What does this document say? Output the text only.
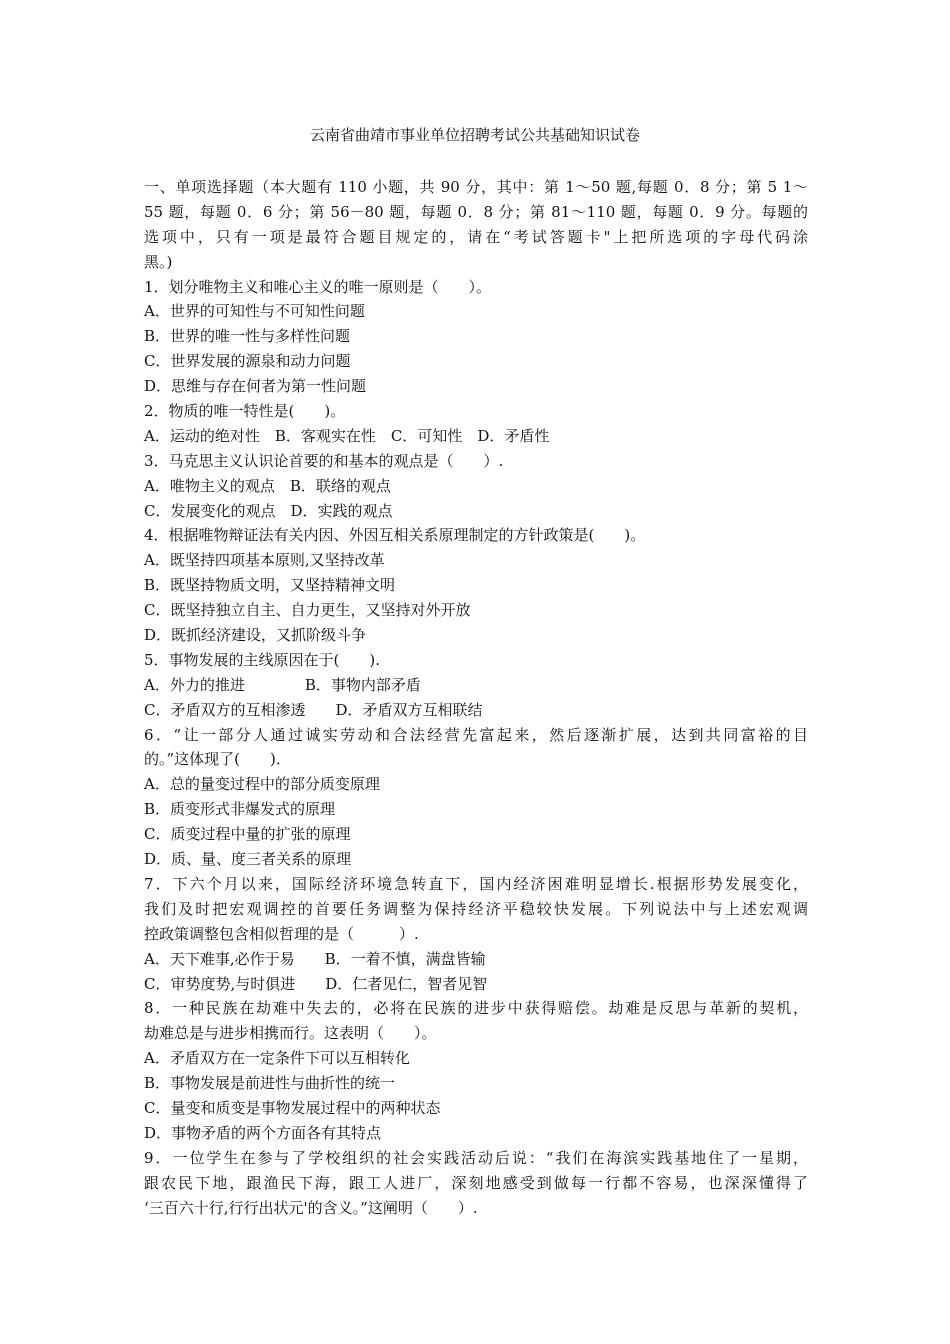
云南省曲靖市事业单位招聘考试公共基础知识试卷
一、单项选择题（本大题有 110 小题，共 90 分，其中：第 1～50 题,每题 0．8 分；第 5 1～
55 题，每题 0．6 分；第 56－80 题，每题 0．8 分；第 81～110 题，每题 0．9 分。每题的
选项中，只有一项是最符合题目规定的，请在“考试答题卡"上把所选项的字母代码涂
黑。)
1．划分唯物主义和唯心主义的唯一原则是（　　）。
A．世界的可知性与不可知性问题
B．世界的唯一性与多样性问题
C．世界发展的源泉和动力问题
D．思维与存在何者为第一性问题
2．物质的唯一特性是(　　)。
A．运动的绝对性　B．客观实在性　C．可知性　D．矛盾性
3．马克思主义认识论首要的和基本的观点是（　　）.
A．唯物主义的观点　B．联络的观点
C．发展变化的观点　D．实践的观点
4．根据唯物辩证法有关内因、外因互相关系原理制定的方针政策是(　　)。
A．既坚持四项基本原则,又坚持改革
B．既坚持物质文明，又坚持精神文明
C．既坚持独立自主、自力更生，又坚持对外开放
D．既抓经济建设，又抓阶级斗争
5．事物发展的主线原因在于(　　).
A．外力的推进　　　　B．事物内部矛盾
C．矛盾双方的互相渗透　　D．矛盾双方互相联结
6．“让一部分人通过诚实劳动和合法经营先富起来，然后逐渐扩展，达到共同富裕的目
的。”这体现了(　　)．
A．总的量变过程中的部分质变原理
B．质变形式非爆发式的原理
C．质变过程中量的扩张的原理
D．质、量、度三者关系的原理
7．下六个月以来，国际经济环境急转直下，国内经济困难明显增长.根据形势发展变化，
我们及时把宏观调控的首要任务调整为保持经济平稳较快发展。下列说法中与上述宏观调
控政策调整包含相似哲理的是（　　　）.
A．天下难事,必作于易　　B．一着不慎，满盘皆输
C．审势度势,与时俱进　　D．仁者见仁，智者见智
8．一种民族在劫难中失去的，必将在民族的进步中获得赔偿。劫难是反思与革新的契机，
劫难总是与进步相携而行。这表明（　　）。
A．矛盾双方在一定条件下可以互相转化
B．事物发展是前进性与曲折性的统一
C．量变和质变是事物发展过程中的两种状态
D．事物矛盾的两个方面各有其特点
9．一位学生在参与了学校组织的社会实践活动后说：“我们在海滨实践基地住了一星期，
跟农民下地，跟渔民下海，跟工人进厂，深刻地感受到做每一行都不容易，也深深懂得了
‘三百六十行,行行出状元'的含义。”这阐明（　　）.
